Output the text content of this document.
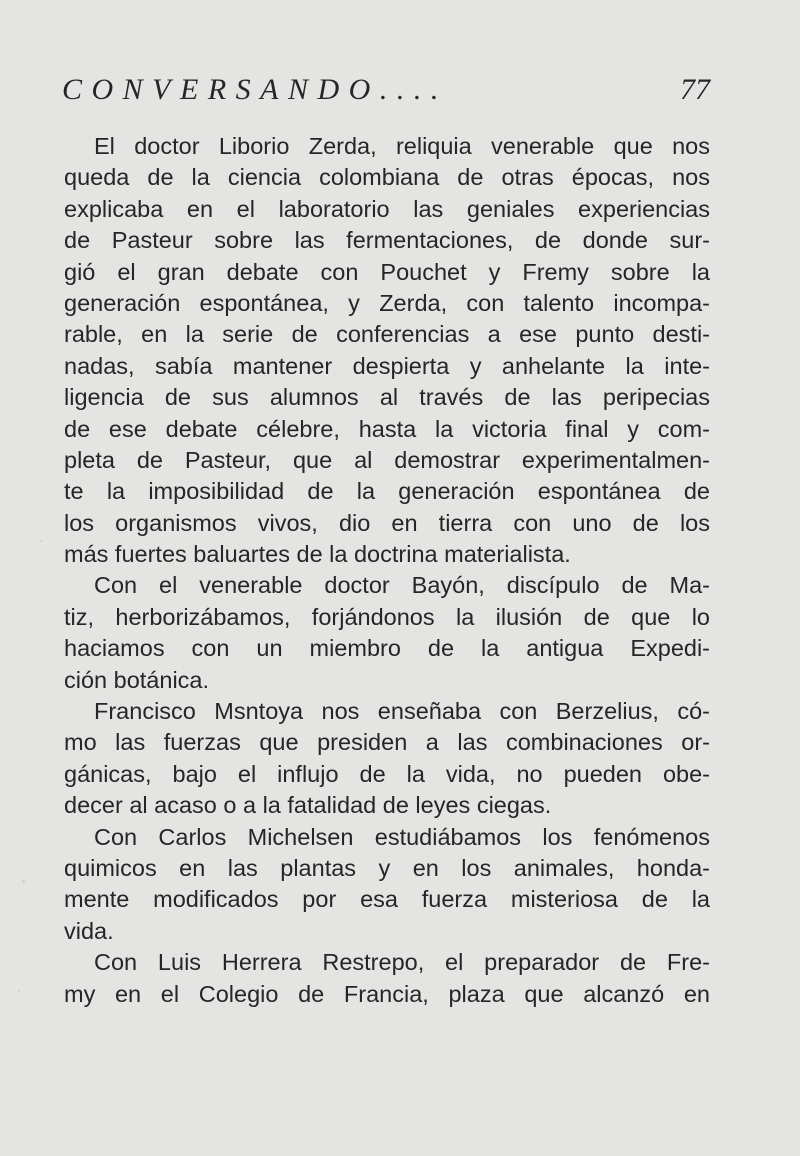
CONVERSANDO....	77
El doctor Liborio Zerda, reliquia venerable que nos
queda de la ciencia colombiana de otras épocas, nos
explicaba en el laboratorio las geniales experiencias
de Pasteur sobre las fermentaciones, de donde sur-
gió el gran debate con Pouchet y Fremy sobre la
generación espontánea, y Zerda, con talento incompa-
rable, en la serie de conferencias a ese punto desti-
nadas, sabía mantener despierta y anhelante la inte-
ligencia de sus alumnos al través de las peripecias
de ese debate célebre, hasta la victoria final y com-
pleta de Pasteur, que al demostrar experimentalmen-
te la imposibilidad de la generación espontánea de
los organismos vivos, dio en tierra con uno de los
más fuertes baluartes de la doctrina materialista.
Con el venerable doctor Bayón, discípulo de Ma-
tiz, herborizábamos, forjándonos la ilusión de que lo
haciamos con un miembro de la antigua Expedi-
ción botánica.
Francisco Msntoya nos enseñaba con Berzelius, có-
mo las fuerzas que presiden a las combinaciones or-
gánicas, bajo el influjo de la vida, no pueden obe-
decer al acaso o a la fatalidad de leyes ciegas.
Con Carlos Michelsen estudiábamos los fenómenos
quimicos en las plantas y en los animales, honda-
mente modificados por esa fuerza misteriosa de la
vida.
Con Luis Herrera Restrepo, el preparador de Fre-
my en el Colegio de Francia, plaza que alcanzó en
